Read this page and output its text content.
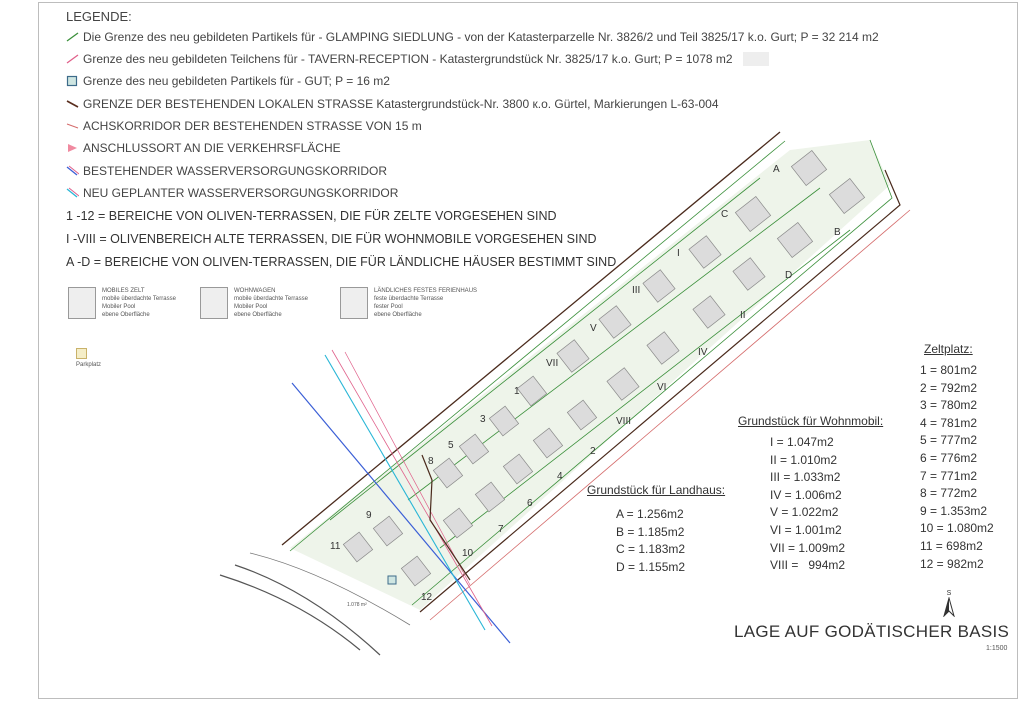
LEGENDE:
Die Grenze des neu gebildeten Partikels für - GLAMPING SIEDLUNG - von der Katasterparzelle Nr. 3826/2 und Teil 3825/17 k.o. Gurt; P = 32 214 m2
Grenze des neu gebildeten Teilchens für - TAVERN-RECEPTION - Katastergrundstück Nr. 3825/17 k.o. Gurt; P = 1078 m2
Grenze des neu gebildeten Partikels für - GUT; P = 16 m2
GRENZE DER BESTEHENDEN LOKALEN STRASSE Katastergrundstück-Nr. 3800 к.о. Gürtel, Markierungen L-63-004
ACHSKORRIDOR DER BESTEHENDEN STRASSE VON 15 m
ANSCHLUSSORT AN DIE VERKEHRSFLÄCHE
BESTEHENDER WASSERVERSORGUNGSKORRIDOR
NEU GEPLANTER WASSERVERSORGUNGSKORRIDOR
1 -12 = BEREICHE VON OLIVEN-TERRASSEN, DIE FÜR ZELTE VORGESEHEN SIND
I -VIII = OLIVENBEREICH ALTE TERRASSEN, DIE FÜR WOHNMOBILE VORGESEHEN SIND
A -D = BEREICHE VON OLIVEN-TERRASSEN, DIE FÜR LÄNDLICHE HÄUSER BESTIMMT SIND
MOBILES ZELT
mobile überdachte Terrasse
Mobiler Pool
ebene Oberfläche
WOHNWAGEN
mobile überdachte Terrasse
Mobiler Pool
ebene Oberfläche
LÄNDLICHES FESTES FERIENHAUS
feste überdachte Terrasse
fester Pool
ebene Oberfläche
Parkplatz
A
B
C
D
I
II
III
IV
V
VI
VII
VIII
1
2
3
4
5
6
7
8
9
10
11
12
1.078 m²
Grundstück für Landhaus:
A = 1.256m2
B = 1.185m2
C = 1.183m2
D = 1.155m2
Grundstück für Wohnmobil:
I = 1.047m2
II = 1.010m2
III = 1.033m2
IV = 1.006m2
V = 1.022m2
VI = 1.001m2
VII = 1.009m2
VIII =   994m2
Zeltplatz:
1 = 801m2
2 = 792m2
3 = 780m2
4 = 781m2
5 = 777m2
6 = 776m2
7 = 771m2
8 = 772m2
9 = 1.353m2
10 = 1.080m2
11 = 698m2
12 = 982m2
S
LAGE AUF GODÄTISCHER BASIS
1:1500
